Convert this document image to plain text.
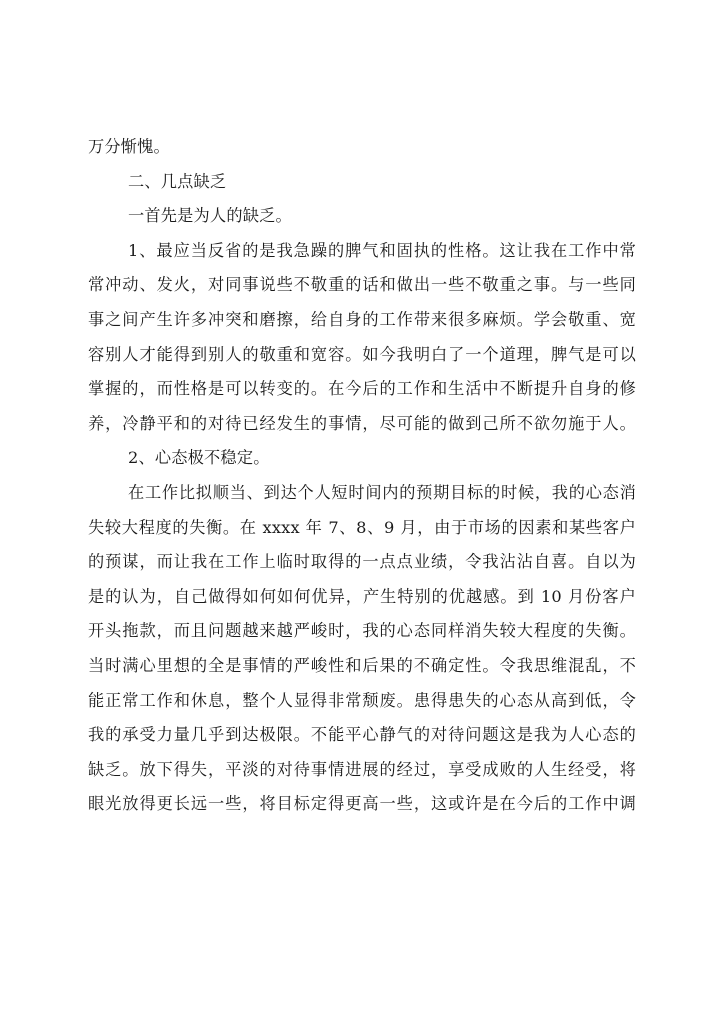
万分惭愧。
二、几点缺乏
一首先是为人的缺乏。
1、最应当反省的是我急躁的脾气和固执的性格。这让我在工作中常
常冲动、发火，对同事说些不敬重的话和做出一些不敬重之事。与一些同
事之间产生许多冲突和磨擦，给自身的工作带来很多麻烦。学会敬重、宽
容别人才能得到别人的敬重和宽容。如今我明白了一个道理，脾气是可以
掌握的，而性格是可以转变的。在今后的工作和生活中不断提升自身的修
养，冷静平和的对待已经发生的事情，尽可能的做到己所不欲勿施于人。
2、心态极不稳定。
在工作比拟顺当、到达个人短时间内的预期目标的时候，我的心态消
失较大程度的失衡。在 xxxx 年 7、8、9 月，由于市场的因素和某些客户
的预谋，而让我在工作上临时取得的一点点业绩，令我沾沾自喜。自以为
是的认为，自己做得如何如何优异，产生特别的优越感。到 10 月份客户
开头拖款，而且问题越来越严峻时，我的心态同样消失较大程度的失衡。
当时满心里想的全是事情的严峻性和后果的不确定性。令我思维混乱，不
能正常工作和休息，整个人显得非常颓废。患得患失的心态从高到低，令
我的承受力量几乎到达极限。不能平心静气的对待问题这是我为人心态的
缺乏。放下得失，平淡的对待事情进展的经过，享受成败的人生经受，将
眼光放得更长远一些，将目标定得更高一些，这或许是在今后的工作中调
